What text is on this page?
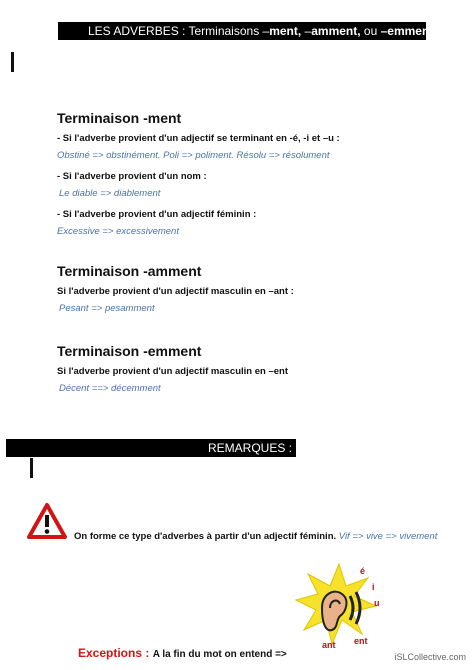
LES ADVERBES : Terminaisons –ment, –amment, ou –emment ?

Terminaison -ment

- Si l'adverbe provient d'un adjectif se terminant en -é, -i et –u :

Obstiné => obstinément. Poli => poliment. Résolu => résolument

- Si l'adverbe provient d'un nom :

Le diable => diablement

- Si l'adverbe provient d'un adjectif féminin :

Excessive => excessivement

Terminaison -amment

Si l'adverbe provient d'un adjectif masculin en –ant :

Pesant => pesamment

Terminaison -emment

Si l'adverbe provient d'un adjectif masculin en –ent

Décent ==> décemment

REMARQUES :
On forme ce type d'adverbes à partir d'un adjectif féminin. Vif => vive => vivement
é
i
u
ent
ant
Exceptions : A la fin du mot on entend =>	iSLCollective.com
